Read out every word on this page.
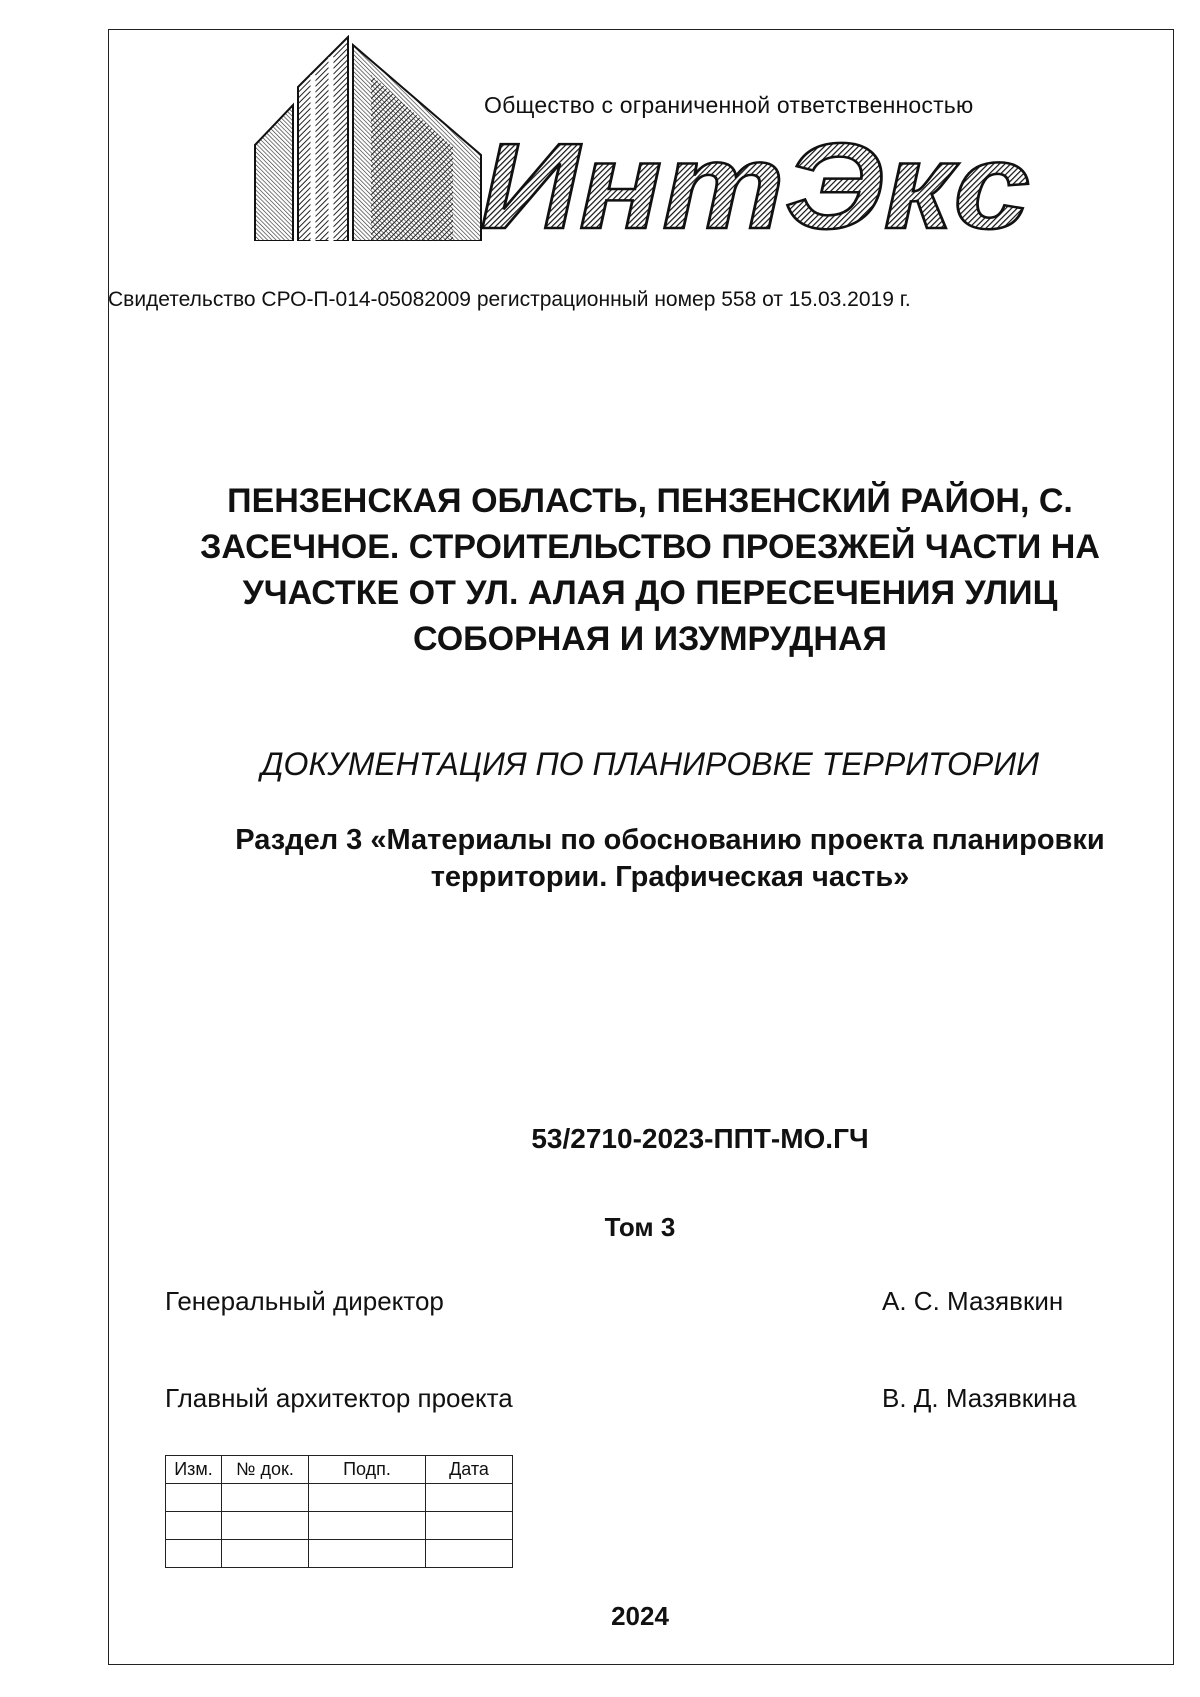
Общество с ограниченной ответственностью
ИнтЭкс
Свидетельство СРО-П-014-05082009 регистрационный номер 558 от 15.03.2019 г.
ПЕНЗЕНСКАЯ ОБЛАСТЬ, ПЕНЗЕНСКИЙ РАЙОН, С. ЗАСЕЧНОЕ. СТРОИТЕЛЬСТВО ПРОЕЗЖЕЙ ЧАСТИ НА УЧАСТКЕ ОТ УЛ. АЛАЯ ДО ПЕРЕСЕЧЕНИЯ УЛИЦ СОБОРНАЯ И ИЗУМРУДНАЯ
ДОКУМЕНТАЦИЯ ПО ПЛАНИРОВКЕ ТЕРРИТОРИИ
Раздел 3 «Материалы по обоснованию проекта планировки территории. Графическая часть»
53/2710-2023-ППТ-МО.ГЧ
Том 3
Генеральный директор	А. С. Мазявкин
Главный архитектор проекта	В. Д. Мазявкина
Изм.	№ док.	Подп.	Дата

2024
